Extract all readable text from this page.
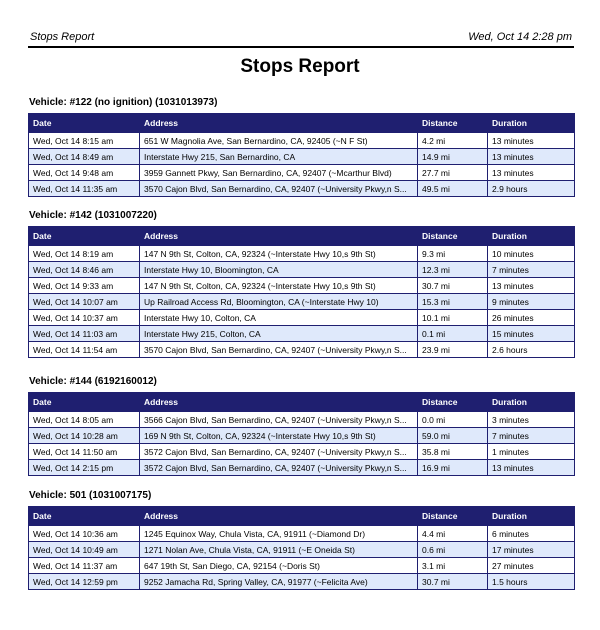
Stops Report	Wed, Oct 14 2:28 pm
Stops Report
Vehicle: #122 (no ignition) (1031013973)
Date	Address	Distance	Duration
Wed, Oct 14 8:15 am	651 W Magnolia Ave, San Bernardino, CA, 92405 (~N F St)	4.2 mi	13 minutes
Wed, Oct 14 8:49 am	Interstate Hwy 215, San Bernardino, CA	14.9 mi	13 minutes
Wed, Oct 14 9:48 am	3959 Gannett Pkwy, San Bernardino, CA, 92407 (~Mcarthur Blvd)	27.7 mi	13 minutes
Wed, Oct 14 11:35 am	3570 Cajon Blvd, San Bernardino, CA, 92407 (~University Pkwy,n S...	49.5 mi	2.9 hours
Vehicle: #142 (1031007220)
Date	Address	Distance	Duration
Wed, Oct 14 8:19 am	147 N 9th St, Colton, CA, 92324 (~Interstate Hwy 10,s 9th St)	9.3 mi	10 minutes
Wed, Oct 14 8:46 am	Interstate Hwy 10, Bloomington, CA	12.3 mi	7 minutes
Wed, Oct 14 9:33 am	147 N 9th St, Colton, CA, 92324 (~Interstate Hwy 10,s 9th St)	30.7 mi	13 minutes
Wed, Oct 14 10:07 am	Up Railroad Access Rd, Bloomington, CA (~Interstate Hwy 10)	15.3 mi	9 minutes
Wed, Oct 14 10:37 am	Interstate Hwy 10, Colton, CA	10.1 mi	26 minutes
Wed, Oct 14 11:03 am	Interstate Hwy 215, Colton, CA	0.1 mi	15 minutes
Wed, Oct 14 11:54 am	3570 Cajon Blvd, San Bernardino, CA, 92407 (~University Pkwy,n S...	23.9 mi	2.6 hours
Vehicle: #144 (6192160012)
Date	Address	Distance	Duration
Wed, Oct 14 8:05 am	3566 Cajon Blvd, San Bernardino, CA, 92407 (~University Pkwy,n S...	0.0 mi	3 minutes
Wed, Oct 14 10:28 am	169 N 9th St, Colton, CA, 92324 (~Interstate Hwy 10,s 9th St)	59.0 mi	7 minutes
Wed, Oct 14 11:50 am	3572 Cajon Blvd, San Bernardino, CA, 92407 (~University Pkwy,n S...	35.8 mi	1 minutes
Wed, Oct 14 2:15 pm	3572 Cajon Blvd, San Bernardino, CA, 92407 (~University Pkwy,n S...	16.9 mi	13 minutes
Vehicle: 501 (1031007175)
Date	Address	Distance	Duration
Wed, Oct 14 10:36 am	1245 Equinox Way, Chula Vista, CA, 91911 (~Diamond Dr)	4.4 mi	6 minutes
Wed, Oct 14 10:49 am	1271 Nolan Ave, Chula Vista, CA, 91911 (~E Oneida St)	0.6 mi	17 minutes
Wed, Oct 14 11:37 am	647 19th St, San Diego, CA, 92154 (~Doris St)	3.1 mi	27 minutes
Wed, Oct 14 12:59 pm	9252 Jamacha Rd, Spring Valley, CA, 91977 (~Felicita Ave)	30.7 mi	1.5 hours
